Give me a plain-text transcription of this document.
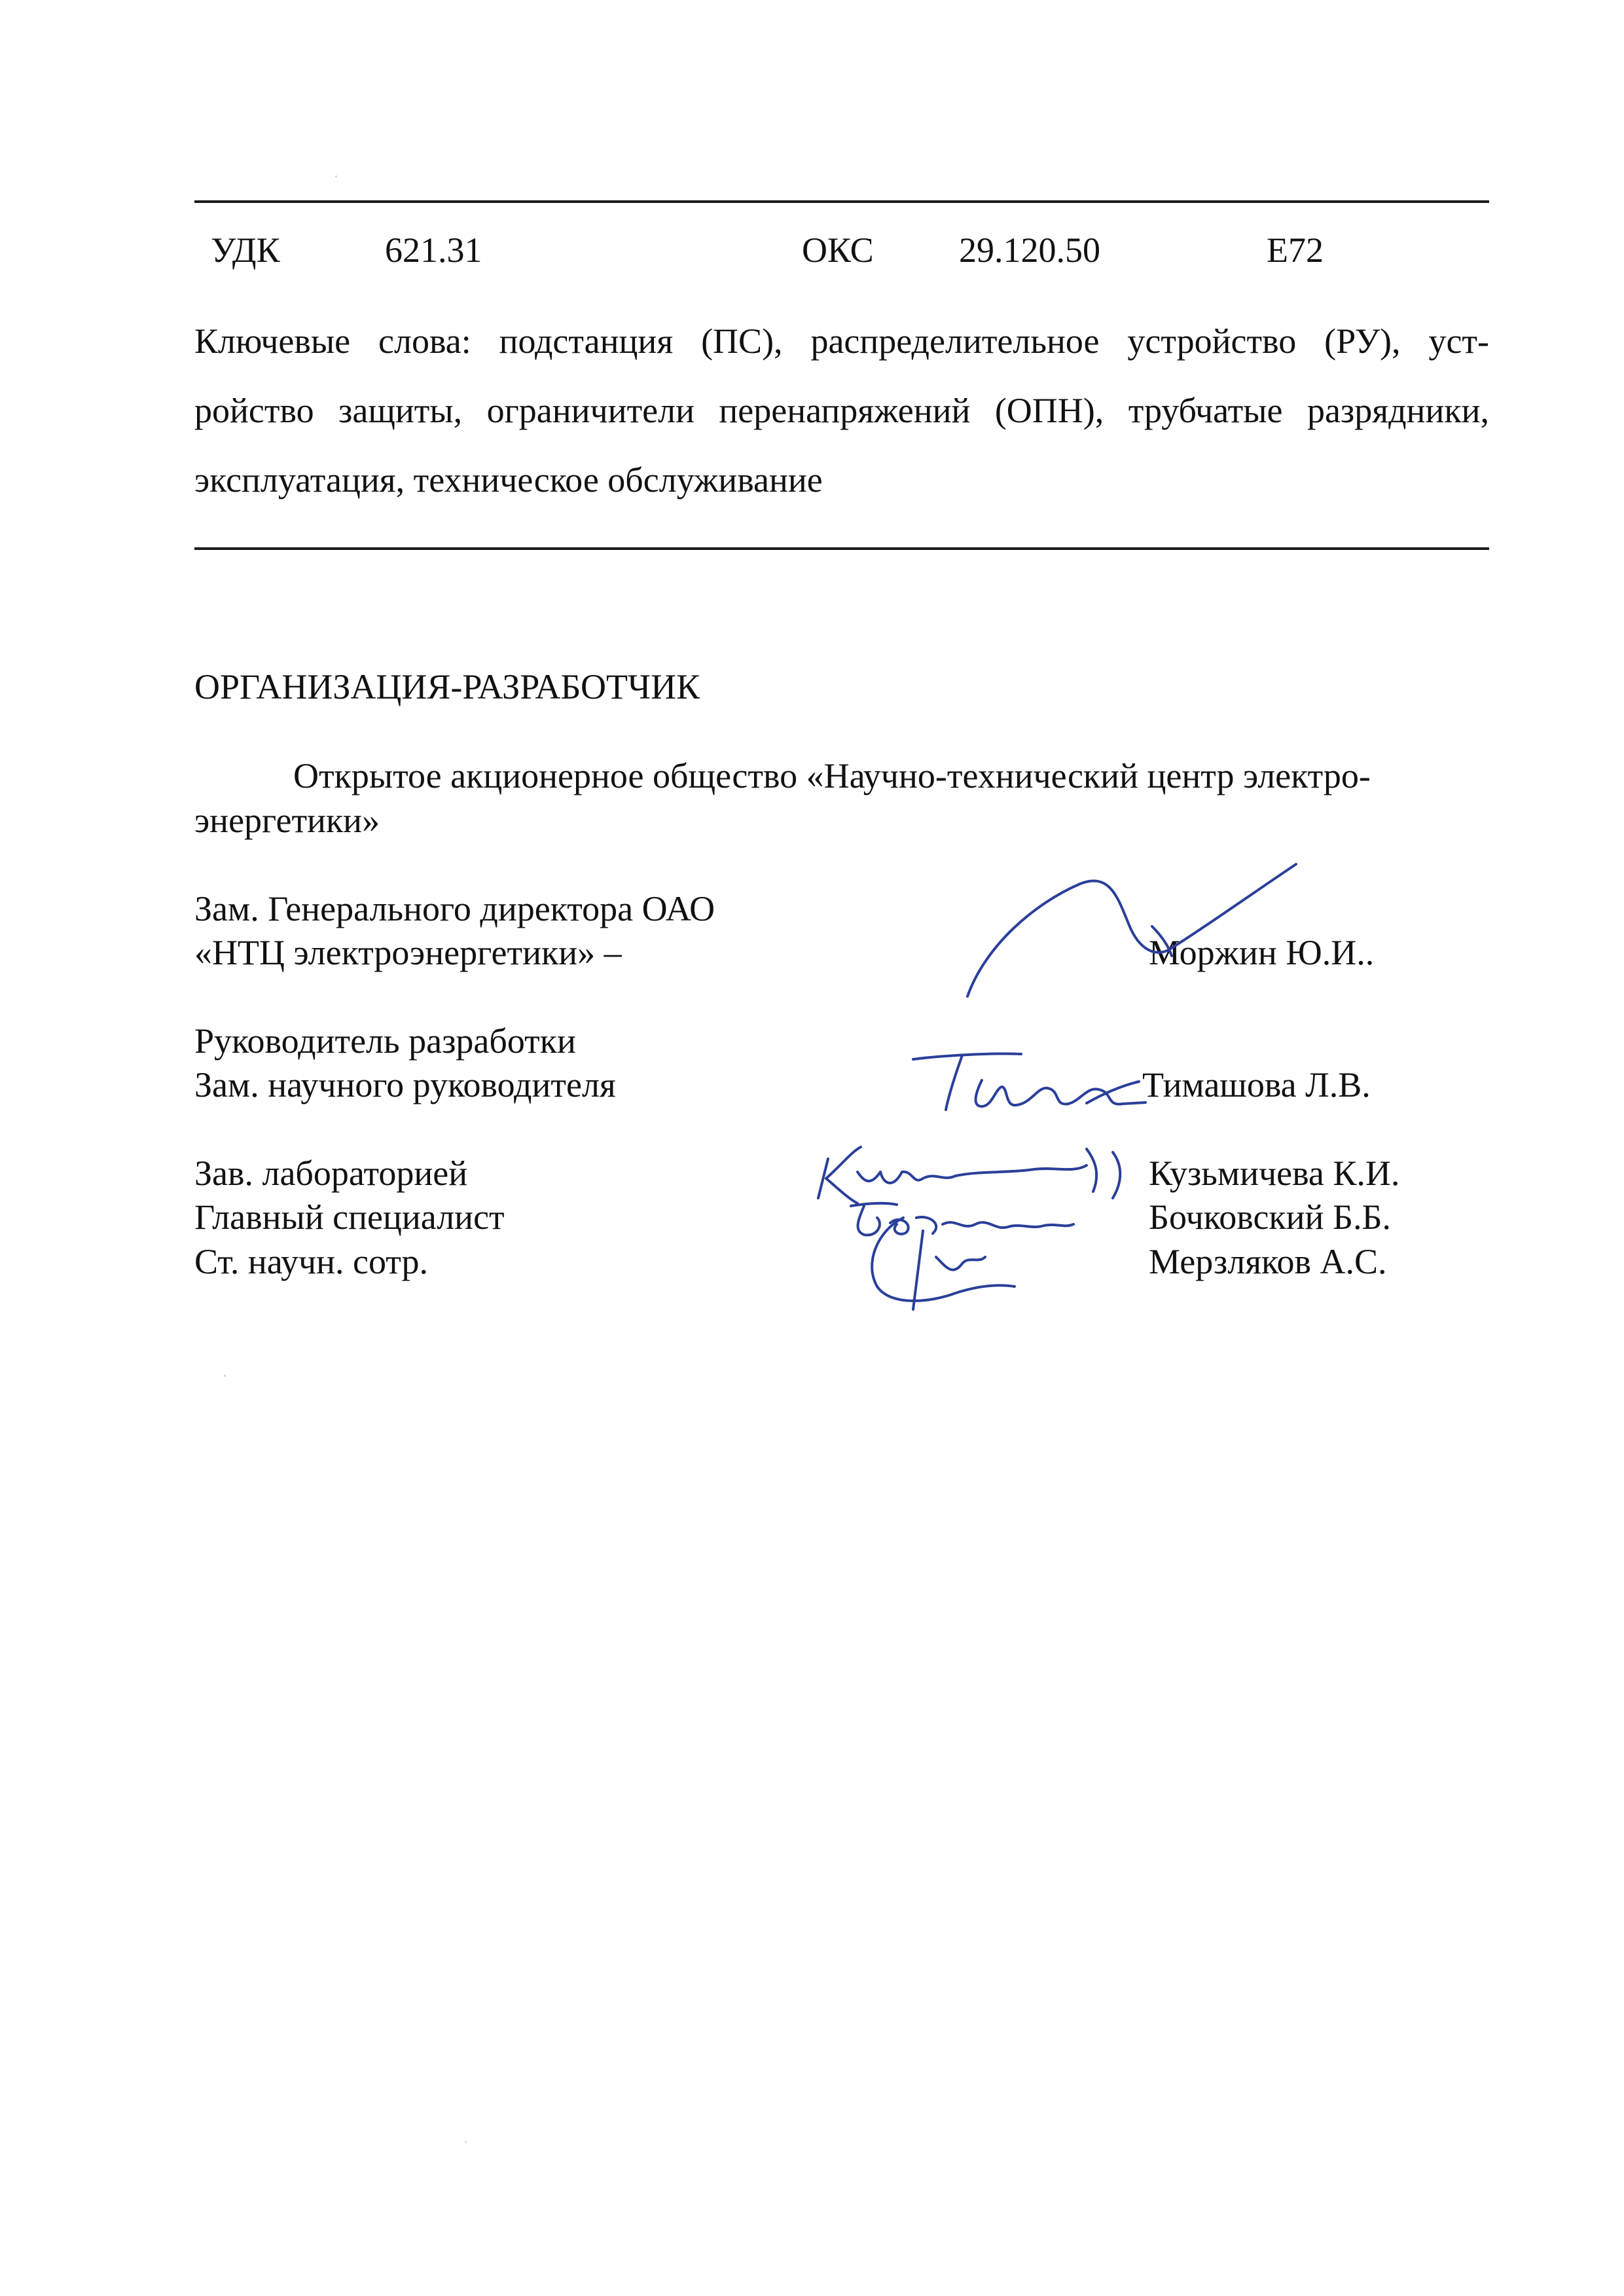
УДК	621.31	ОКС 29.120.50	Е72
Ключевые слова: подстанция (ПС), распределительное устройство (РУ), уст-
ройство защиты, ограничители перенапряжений (ОПН), трубчатые разрядники,
эксплуатация, техническое обслуживание
ОРГАНИЗАЦИЯ-РАЗРАБОТЧИК
Открытое акционерное общество «Научно-технический центр электро-
энергетики»
Зам. Генерального директора ОАО
«НТЦ электроэнергетики» –	Моржин Ю.И..
Руководитель разработки
Зам. научного руководителя	Тимашова Л.В.
Зав. лабораторией	Кузьмичева К.И.
Главный специалист	Бочковский Б.Б.
Ст. научн. сотр.	Мерзляков А.С.
